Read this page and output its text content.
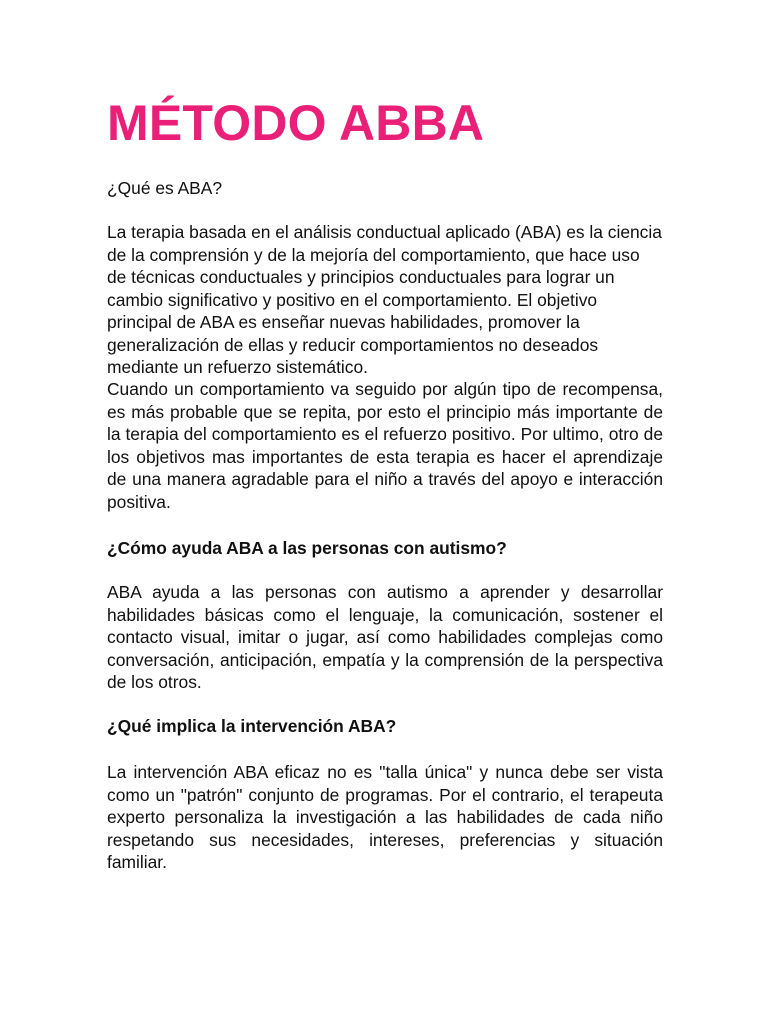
MÉTODO ABBA

¿Qué es ABA?

La terapia basada en el análisis conductual aplicado (ABA) es la ciencia de la comprensión y de la mejoría del comportamiento, que hace uso de técnicas conductuales y principios conductuales para lograr un cambio significativo y positivo en el comportamiento. El objetivo principal de ABA es enseñar nuevas habilidades, promover la generalización de ellas y reducir comportamientos no deseados mediante un refuerzo sistemático.

Cuando un comportamiento va seguido por algún tipo de recompensa, es más probable que se repita, por esto el principio más importante de la terapia del comportamiento es el refuerzo positivo. Por ultimo, otro de los objetivos mas importantes de esta terapia es hacer el aprendizaje de una manera agradable para el niño a través del apoyo e interacción positiva.

¿Cómo ayuda ABA a las personas con autismo?

ABA ayuda a las personas con autismo a aprender y desarrollar habilidades básicas como el lenguaje, la comunicación, sostener el contacto visual, imitar o jugar, así como habilidades complejas como conversación, anticipación, empatía y la comprensión de la perspectiva de los otros.

¿Qué implica la intervención ABA?

La intervención ABA eficaz no es "talla única" y nunca debe ser vista como un "patrón" conjunto de programas. Por el contrario, el terapeuta experto personaliza la investigación a las habilidades de cada niño respetando sus necesidades, intereses, preferencias y situación familiar.
